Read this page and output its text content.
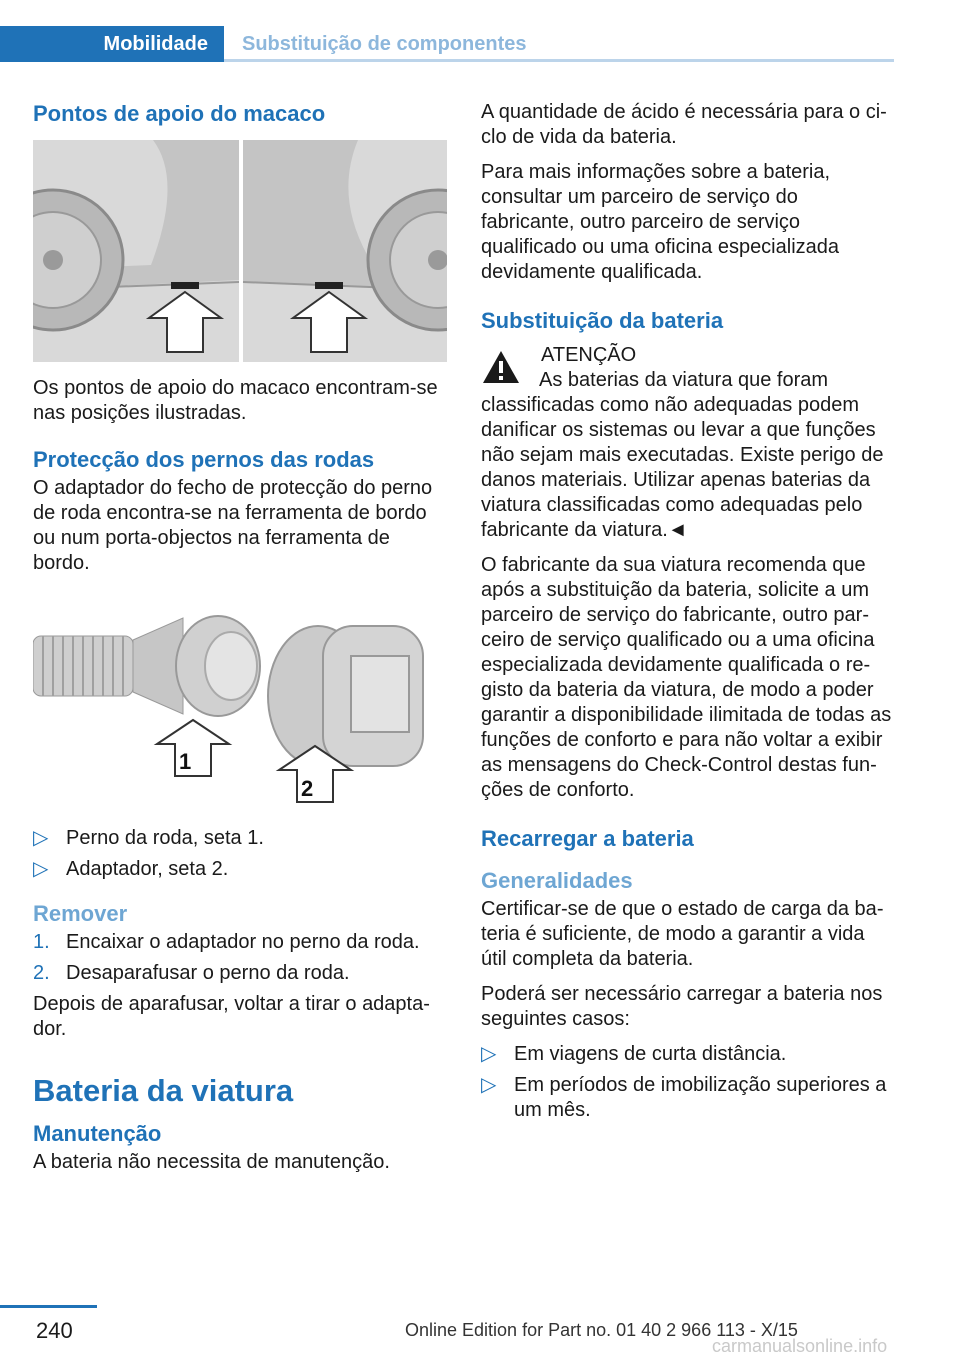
Mobilidade Substituição de componentes
Pontos de apoio do macaco

Os pontos de apoio do macaco encontram-se nas posições ilustradas.

Protecção dos pernos das rodas

O adaptador do fecho de protecção do perno de roda encontra-se na ferramenta de bordo ou num porta-objectos na ferramenta de bordo.

1
2
▷ Perno da roda, seta 1.
▷ Adaptador, seta 2.
Remover
1. Encaixar o adaptador no perno da roda.
2. Desaparafusar o perno da roda.

Depois de aparafusar, voltar a tirar o adaptador.

Bateria da viatura
Manutenção

A bateria não necessita de manutenção.

A quantidade de ácido é necessária para o ciclo de vida da bateria.

Para mais informações sobre a bateria, consultar um parceiro de serviço do fabricante, outro parceiro de serviço qualificado ou uma oficina especializada devidamente qualificada.

Substituição da bateria
ATENÇÃO

As baterias da viatura que foram classificadas como não adequadas podem danificar os sistemas ou levar a que funções não sejam mais executadas. Existe perigo de danos materiais. Utilizar apenas baterias da viatura classificadas como adequadas pelo fabricante da viatura.◄

O fabricante da sua viatura recomenda que após a substituição da bateria, solicite a um parceiro de serviço do fabricante, outro parceiro de serviço qualificado ou a uma oficina especializada devidamente qualificada o registo da bateria da viatura, de modo a poder garantir a disponibilidade ilimitada de todas as funções de conforto e para não voltar a exibir as mensagens do Check-Control destas funções de conforto.

Recarregar a bateria
Generalidades

Certificar-se de que o estado de carga da bateria é suficiente, de modo a garantir a vida útil completa da bateria.

Poderá ser necessário carregar a bateria nos seguintes casos:

▷ Em viagens de curta distância.
▷ Em períodos de imobilização superiores a um mês.
240	Online Edition for Part no. 01 40 2 966 113 - X/15
carmanualsonline.info
